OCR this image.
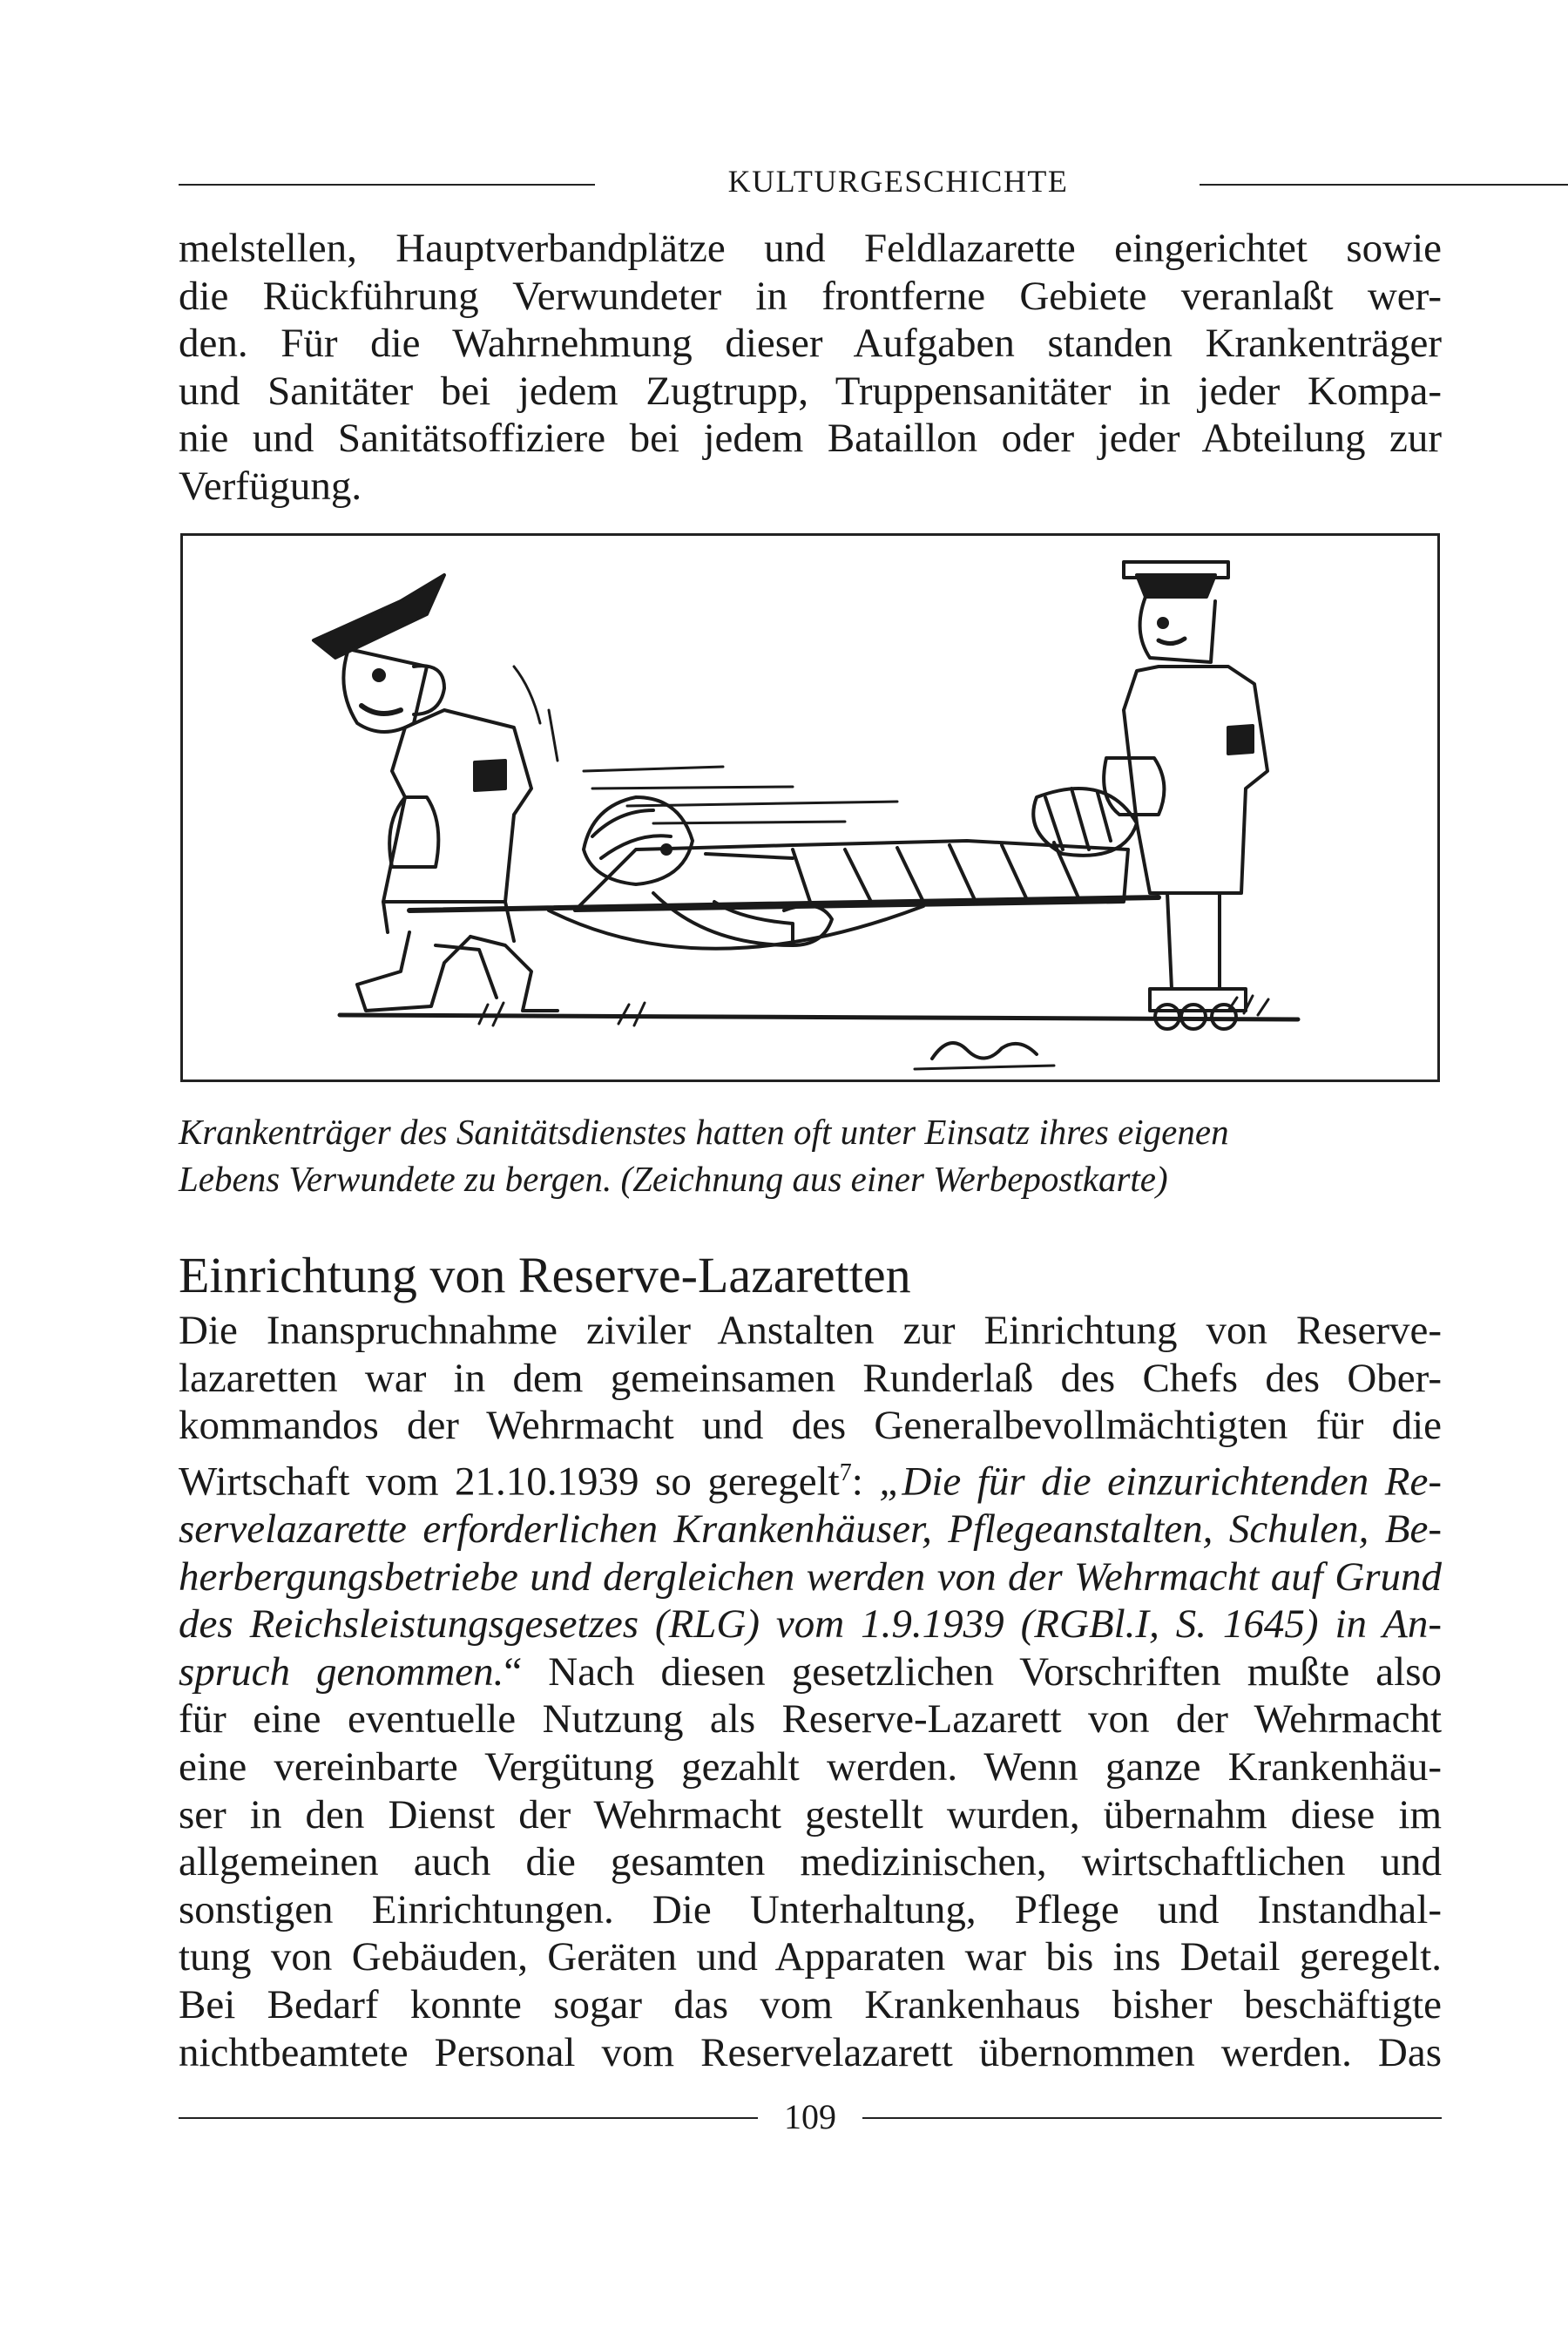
KULTURGESCHICHTE
melstellen, Hauptverbandplätze und Feldlazarette eingerichtet sowie
die Rückführung Verwundeter in frontferne Gebiete veranlaßt wer-
den. Für die Wahrnehmung dieser Aufgaben standen Krankenträger
und Sanitäter bei jedem Zugtrupp, Truppensanitäter in jeder Kompa-
nie und Sanitätsoffiziere bei jedem Bataillon oder jeder Abteilung zur
Verfügung.
Krankenträger des Sanitätsdienstes hatten oft unter Einsatz ihres eigenen
Lebens Verwundete zu bergen. (Zeichnung aus einer Werbepostkarte)
Einrichtung von Reserve-Lazaretten
Die Inanspruchnahme ziviler Anstalten zur Einrichtung von Reserve-
lazaretten war in dem gemeinsamen Runderlaß des Chefs des Ober-
kommandos der Wehrmacht und des Generalbevollmächtigten für die
Wirtschaft vom 21.10.1939 so geregelt$^7$: „Die für die einzurichtenden Re-
servelazarette erforderlichen Krankenhäuser, Pflegeanstalten, Schulen, Be-
herbergungsbetriebe und dergleichen werden von der Wehrmacht auf Grund
des Reichsleistungsgesetzes (RLG) vom 1.9.1939 (RGBl.I, S. 1645) in An-
spruch genommen.“ Nach diesen gesetzlichen Vorschriften mußte also
für eine eventuelle Nutzung als Reserve-Lazarett von der Wehrmacht
eine vereinbarte Vergütung gezahlt werden. Wenn ganze Krankenhäu-
ser in den Dienst der Wehrmacht gestellt wurden, übernahm diese im
allgemeinen auch die gesamten medizinischen, wirtschaftlichen und
sonstigen Einrichtungen. Die Unterhaltung, Pflege und Instandhal-
tung von Gebäuden, Geräten und Apparaten war bis ins Detail geregelt.
Bei Bedarf konnte sogar das vom Krankenhaus bisher beschäftigte
nichtbeamtete Personal vom Reservelazarett übernommen werden. Das
109
